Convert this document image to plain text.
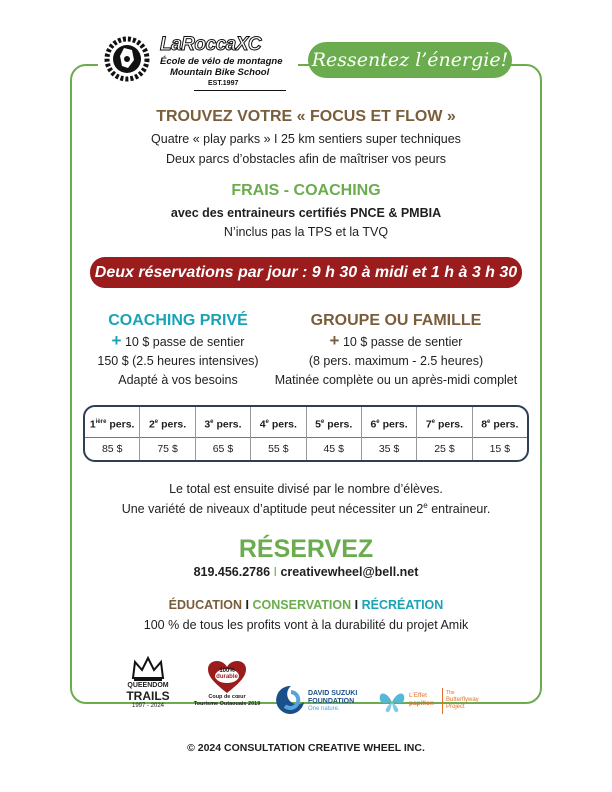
LaRoccaXC
École de vélo de montagne
Mountain Bike School
EST.1997
Ressentez l’énergie!
TROUVEZ VOTRE « FOCUS ET FLOW »
Quatre « play parks » I 25 km sentiers super techniques
Deux parcs d’obstacles afin de maîtriser vos peurs
FRAIS - COACHING
avec des entraineurs certifiés PNCE & PMBIA
N’inclus pas la TPS et la TVQ
Deux réservations par jour : 9 h 30 à midi et 1 h à 3 h 30
COACHING PRIVÉ
+ 10 $ passe de sentier
150 $ (2.5 heures intensives)
Adapté à vos besoins
GROUPE OU FAMILLE
+ 10 $ passe de sentier
(8 pers. maximum - 2.5 heures)
Matinée complète ou un après-midi complet
$1^{ière}$ pers.	2e pers.	3e pers.	4e pers.	5e pers.	6e pers.	7e pers.	8e pers.
85 $	75 $	65 $	55 $	45 $	35 $	25 $	15 $
Le total est ensuite divisé par le nombre d’élèves.
Une variété de niveaux d’aptitude peut nécessiter un 2e entraineur.
RÉSERVEZ
819.456.2786 I creativewheel@bell.net
ÉDUCATION I CONSERVATION I RÉCRÉATION
100 % de tous les profits vont à la durabilité du projet Amik
QUEENDOM
TRAILS
1997 - 2024
100%
durable
Coup de cœur
Tourisme Outaouais 2019
DAVID SUZUKI
FOUNDATION
One nature.
L’Effet
papillon
The
Butterflyway
Project
© 2024 CONSULTATION CREATIVE WHEEL INC.
